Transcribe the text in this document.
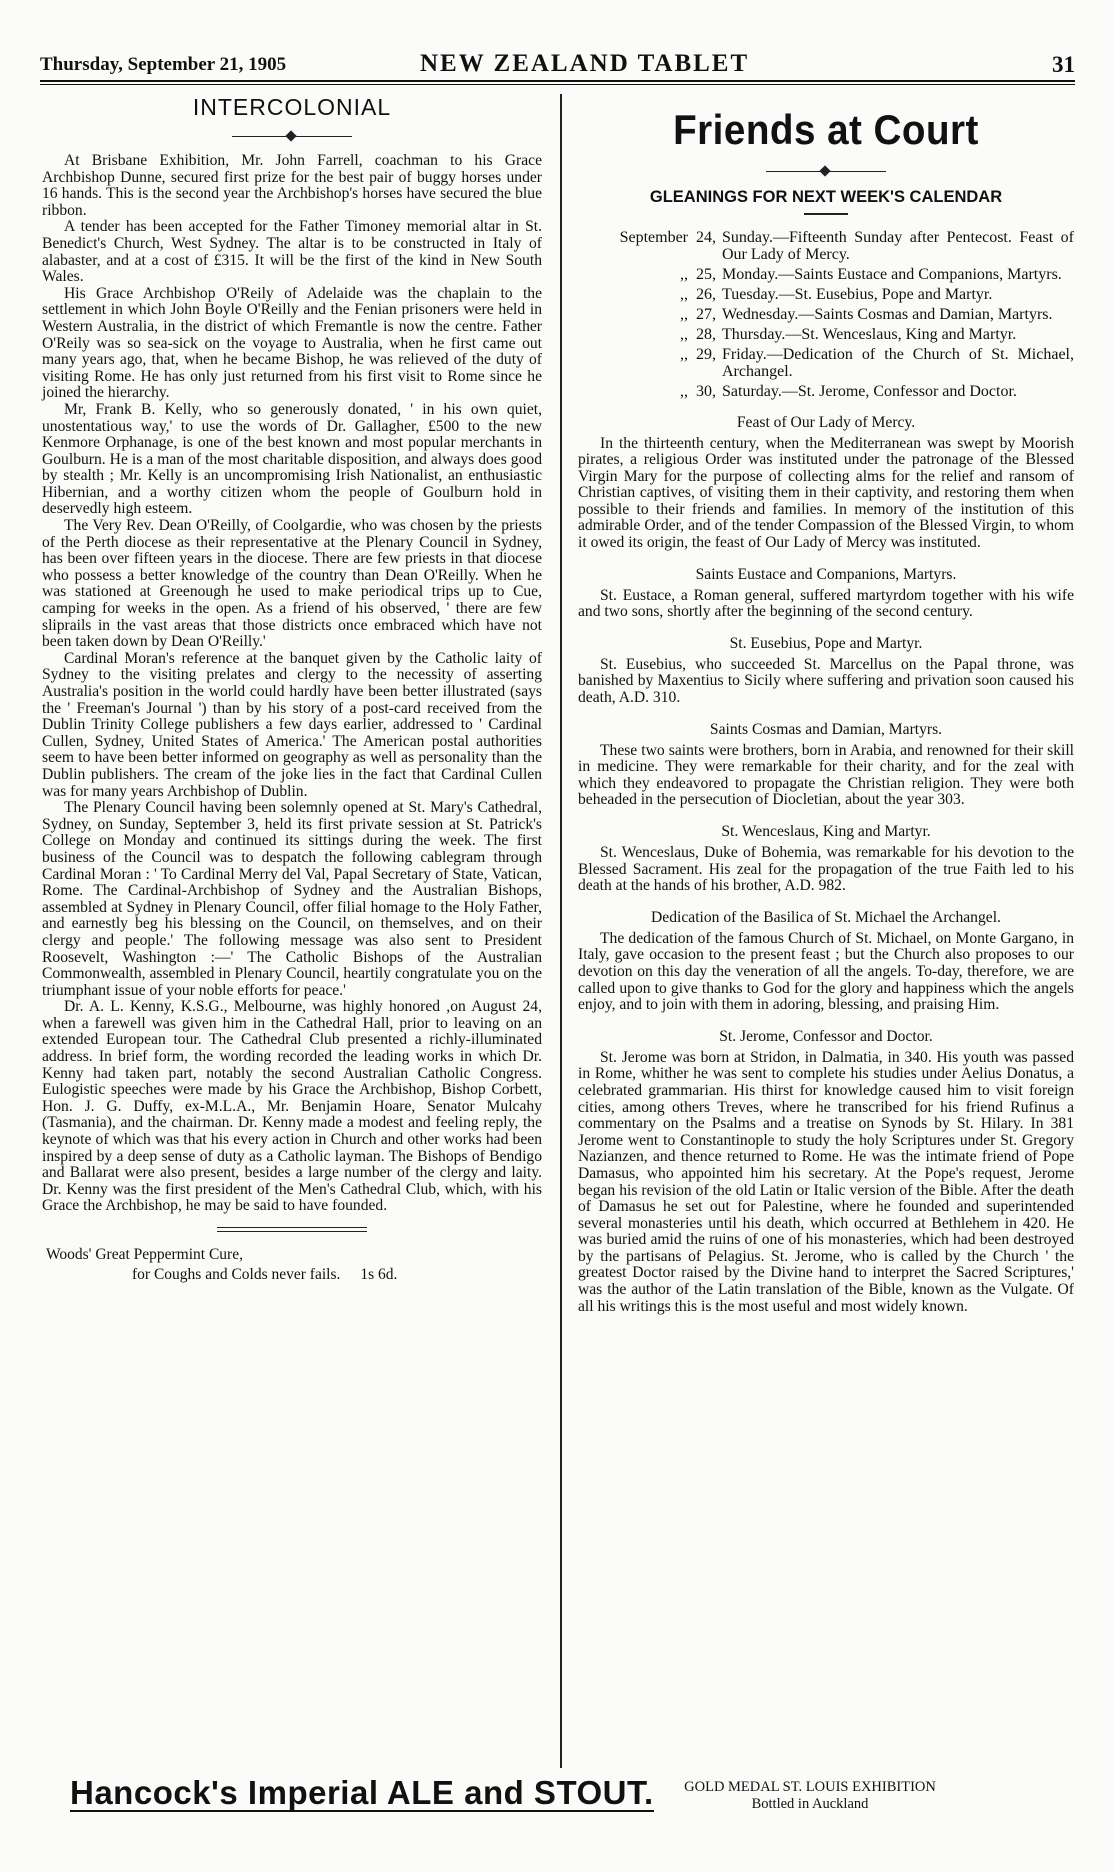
Thursday, September 21, 1905	NEW ZEALAND TABLET	31
INTERCOLONIAL

At Brisbane Exhibition, Mr. John Farrell, coachman to his Grace Archbishop Dunne, secured first prize for the best pair of buggy horses under 16 hands. This is the second year the Archbishop's horses have secured the blue ribbon.

A tender has been accepted for the Father Timoney memorial altar in St. Benedict's Church, West Sydney. The altar is to be constructed in Italy of alabaster, and at a cost of £315. It will be the first of the kind in New South Wales.

His Grace Archbishop O'Reily of Adelaide was the chaplain to the settlement in which John Boyle O'Reilly and the Fenian prisoners were held in Western Australia, in the district of which Fremantle is now the centre. Father O'Reily was so sea-sick on the voyage to Australia, when he first came out many years ago, that, when he became Bishop, he was relieved of the duty of visiting Rome. He has only just returned from his first visit to Rome since he joined the hierarchy.

Mr, Frank B. Kelly, who so generously donated, ' in his own quiet, unostentatious way,' to use the words of Dr. Gallagher, £500 to the new Kenmore Orphanage, is one of the best known and most popular merchants in Goulburn. He is a man of the most charitable disposition, and always does good by stealth ; Mr. Kelly is an uncompromising Irish Nationalist, an enthusiastic Hibernian, and a worthy citizen whom the people of Goulburn hold in deservedly high esteem.

The Very Rev. Dean O'Reilly, of Coolgardie, who was chosen by the priests of the Perth diocese as their representative at the Plenary Council in Sydney, has been over fifteen years in the diocese. There are few priests in that diocese who possess a better knowledge of the country than Dean O'Reilly. When he was stationed at Greenough he used to make periodical trips up to Cue, camping for weeks in the open. As a friend of his observed, ' there are few sliprails in the vast areas that those districts once embraced which have not been taken down by Dean O'Reilly.'

Cardinal Moran's reference at the banquet given by the Catholic laity of Sydney to the visiting prelates and clergy to the necessity of asserting Australia's position in the world could hardly have been better illustrated (says the ' Freeman's Journal ') than by his story of a post-card received from the Dublin Trinity College publishers a few days earlier, addressed to ' Cardinal Cullen, Sydney, United States of America.' The American postal authorities seem to have been better informed on geography as well as personality than the Dublin publishers. The cream of the joke lies in the fact that Cardinal Cullen was for many years Archbishop of Dublin.

The Plenary Council having been solemnly opened at St. Mary's Cathedral, Sydney, on Sunday, September 3, held its first private session at St. Patrick's College on Monday and continued its sittings during the week. The first business of the Council was to despatch the following cablegram through Cardinal Moran : ' To Cardinal Merry del Val, Papal Secretary of State, Vatican, Rome. The Cardinal-Archbishop of Sydney and the Australian Bishops, assembled at Sydney in Plenary Council, offer filial homage to the Holy Father, and earnestly beg his blessing on the Council, on themselves, and on their clergy and people.' The following message was also sent to President Roosevelt, Washington :—' The Catholic Bishops of the Australian Commonwealth, assembled in Plenary Council, heartily congratulate you on the triumphant issue of your noble efforts for peace.'

Dr. A. L. Kenny, K.S.G., Melbourne, was highly honored ,on August 24, when a farewell was given him in the Cathedral Hall, prior to leaving on an extended European tour. The Cathedral Club presented a richly-illuminated address. In brief form, the wording recorded the leading works in which Dr. Kenny had taken part, notably the second Australian Catholic Congress. Eulogistic speeches were made by his Grace the Archbishop, Bishop Corbett, Hon. J. G. Duffy, ex-M.L.A., Mr. Benjamin Hoare, Senator Mulcahy (Tasmania), and the chairman. Dr. Kenny made a modest and feeling reply, the keynote of which was that his every action in Church and other works had been inspired by a deep sense of duty as a Catholic layman. The Bishops of Bendigo and Ballarat were also present, besides a large number of the clergy and laity. Dr. Kenny was the first president of the Men's Cathedral Club, which, with his Grace the Archbishop, he may be said to have founded.

Woods' Great Peppermint Cure,

for Coughs and Colds never fails. 1s 6d.

Friends at Court
GLEANINGS FOR NEXT WEEK'S CALENDAR
September 24, Sunday.—Fifteenth Sunday after Pentecost. Feast of Our Lady of Mercy.
,, 25, Monday.—Saints Eustace and Companions, Martyrs.
,, 26, Tuesday.—St. Eusebius, Pope and Martyr.
,, 27, Wednesday.—Saints Cosmas and Damian, Martyrs.
,, 28, Thursday.—St. Wenceslaus, King and Martyr.
,, 29, Friday.—Dedication of the Church of St. Michael, Archangel.
,, 30, Saturday.—St. Jerome, Confessor and Doctor.
Feast of Our Lady of Mercy.

In the thirteenth century, when the Mediterranean was swept by Moorish pirates, a religious Order was instituted under the patronage of the Blessed Virgin Mary for the purpose of collecting alms for the relief and ransom of Christian captives, of visiting them in their captivity, and restoring them when possible to their friends and families. In memory of the institution of this admirable Order, and of the tender Compassion of the Blessed Virgin, to whom it owed its origin, the feast of Our Lady of Mercy was instituted.

Saints Eustace and Companions, Martyrs.

St. Eustace, a Roman general, suffered martyrdom together with his wife and two sons, shortly after the beginning of the second century.

St. Eusebius, Pope and Martyr.

St. Eusebius, who succeeded St. Marcellus on the Papal throne, was banished by Maxentius to Sicily where suffering and privation soon caused his death, A.D. 310.

Saints Cosmas and Damian, Martyrs.

These two saints were brothers, born in Arabia, and renowned for their skill in medicine. They were remarkable for their charity, and for the zeal with which they endeavored to propagate the Christian religion. They were both beheaded in the persecution of Diocletian, about the year 303.

St. Wenceslaus, King and Martyr.

St. Wenceslaus, Duke of Bohemia, was remarkable for his devotion to the Blessed Sacrament. His zeal for the propagation of the true Faith led to his death at the hands of his brother, A.D. 982.

Dedication of the Basilica of St. Michael the Archangel.

The dedication of the famous Church of St. Michael, on Monte Gargano, in Italy, gave occasion to the present feast ; but the Church also proposes to our devotion on this day the veneration of all the angels. To-day, therefore, we are called upon to give thanks to God for the glory and happiness which the angels enjoy, and to join with them in adoring, blessing, and praising Him.

St. Jerome, Confessor and Doctor.

St. Jerome was born at Stridon, in Dalmatia, in 340. His youth was passed in Rome, whither he was sent to complete his studies under Aelius Donatus, a celebrated grammarian. His thirst for knowledge caused him to visit foreign cities, among others Treves, where he transcribed for his friend Rufinus a commentary on the Psalms and a treatise on Synods by St. Hilary. In 381 Jerome went to Constantinople to study the holy Scriptures under St. Gregory Nazianzen, and thence returned to Rome. He was the intimate friend of Pope Damasus, who appointed him his secretary. At the Pope's request, Jerome began his revision of the old Latin or Italic version of the Bible. After the death of Damasus he set out for Palestine, where he founded and superintended several monasteries until his death, which occurred at Bethlehem in 420. He was buried amid the ruins of one of his monasteries, which had been destroyed by the partisans of Pelagius. St. Jerome, who is called by the Church ' the greatest Doctor raised by the Divine hand to interpret the Sacred Scriptures,' was the author of the Latin translation of the Bible, known as the Vulgate. Of all his writings this is the most useful and most widely known.

Hancock's Imperial ALE and STOUT.	GOLD MEDAL ST. LOUIS EXHIBITION
Bottled in Auckland
